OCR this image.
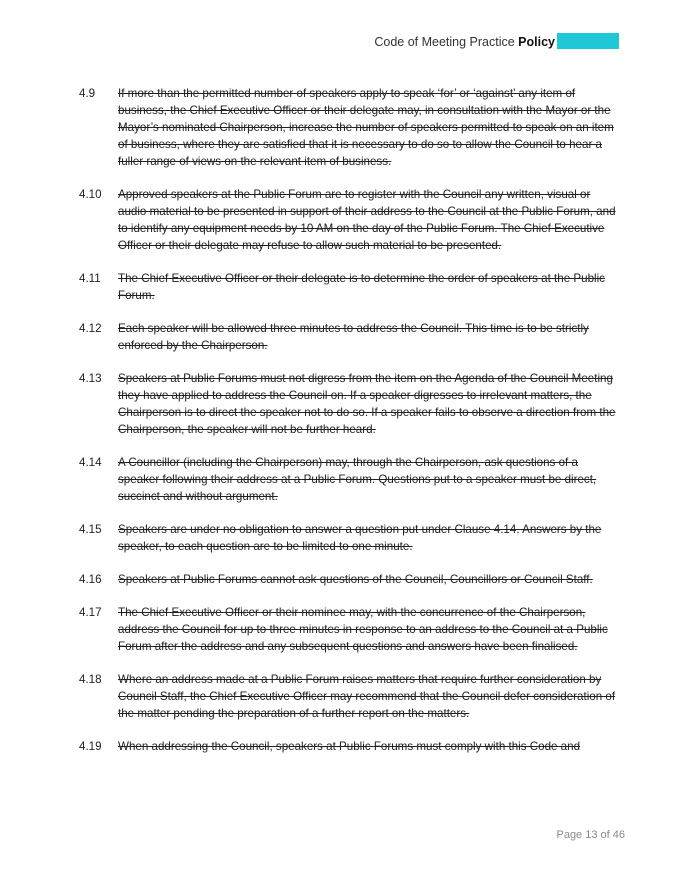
Code of Meeting Practice Policy
4.9 If more than the permitted number of speakers apply to speak ‘for’ or ‘against’ any item of business, the Chief Executive Officer or their delegate may, in consultation with the Mayor or the Mayor’s nominated Chairperson, increase the number of speakers permitted to speak on an item of business, where they are satisfied that it is necessary to do so to allow the Council to hear a fuller range of views on the relevant item of business.
4.10 Approved speakers at the Public Forum are to register with the Council any written, visual or audio material to be presented in support of their address to the Council at the Public Forum, and to identify any equipment needs by 10 AM on the day of the Public Forum. The Chief Executive Officer or their delegate may refuse to allow such material to be presented.
4.11 The Chief Executive Officer or their delegate is to determine the order of speakers at the Public Forum.
4.12 Each speaker will be allowed three minutes to address the Council. This time is to be strictly enforced by the Chairperson.
4.13 Speakers at Public Forums must not digress from the item on the Agenda of the Council Meeting they have applied to address the Council on. If a speaker digresses to irrelevant matters, the Chairperson is to direct the speaker not to do so. If a speaker fails to observe a direction from the Chairperson, the speaker will not be further heard.
4.14 A Councillor (including the Chairperson) may, through the Chairperson, ask questions of a speaker following their address at a Public Forum. Questions put to a speaker must be direct, succinct and without argument.
4.15 Speakers are under no obligation to answer a question put under Clause 4.14. Answers by the speaker, to each question are to be limited to one minute.
4.16 Speakers at Public Forums cannot ask questions of the Council, Councillors or Council Staff.
4.17 The Chief Executive Officer or their nominee may, with the concurrence of the Chairperson, address the Council for up to three minutes in response to an address to the Council at a Public Forum after the address and any subsequent questions and answers have been finalised.
4.18 Where an address made at a Public Forum raises matters that require further consideration by Council Staff, the Chief Executive Officer may recommend that the Council defer consideration of the matter pending the preparation of a further report on the matters.
4.19 When addressing the Council, speakers at Public Forums must comply with this Code and
Page 13 of 46
